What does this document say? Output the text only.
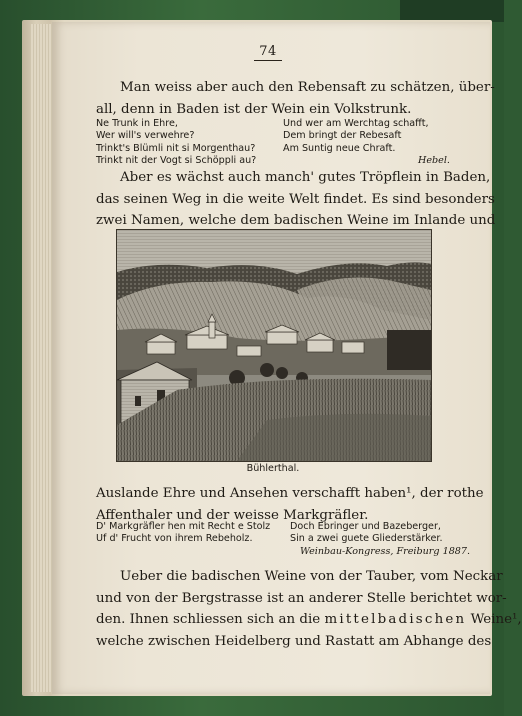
74
Man weiss aber auch den Rebensaft zu schätzen, über-
all, denn in Baden ist der Wein ein Volkstrunk.
Ne Trunk in Ehre,
Wer will's verwehre?
Trinkt's Blümli nit si Morgenthau?
Trinkt nit der Vogt si Schöppli au?
Und wer am Werchtag schafft,
Dem bringt der Rebesaft
Am Suntig neue Chraft.
Hebel.
Aber es wächst auch manch' gutes Tröpflein in Baden,
das seinen Weg in die weite Welt findet. Es sind besonders
zwei Namen, welche dem badischen Weine im Inlande und
Bühlerthal.
Auslande Ehre und Ansehen verschafft haben¹, der rothe
Affenthaler und der weisse Markgräfler.
D' Markgräfler hen mit Recht e Stolz
Uf d' Frucht von ihrem Rebeholz.
Doch Ebringer und Bazeberger,
Sin a zwei guete Gliederstärker.
Weinbau-Kongress, Freiburg 1887.
Ueber die badischen Weine von der Tauber, vom Neckar
und von der Bergstrasse ist an anderer Stelle berichtet wor-
den. Ihnen schliessen sich an die mittelbadischen Weine¹,
welche zwischen Heidelberg und Rastatt am Abhange des
